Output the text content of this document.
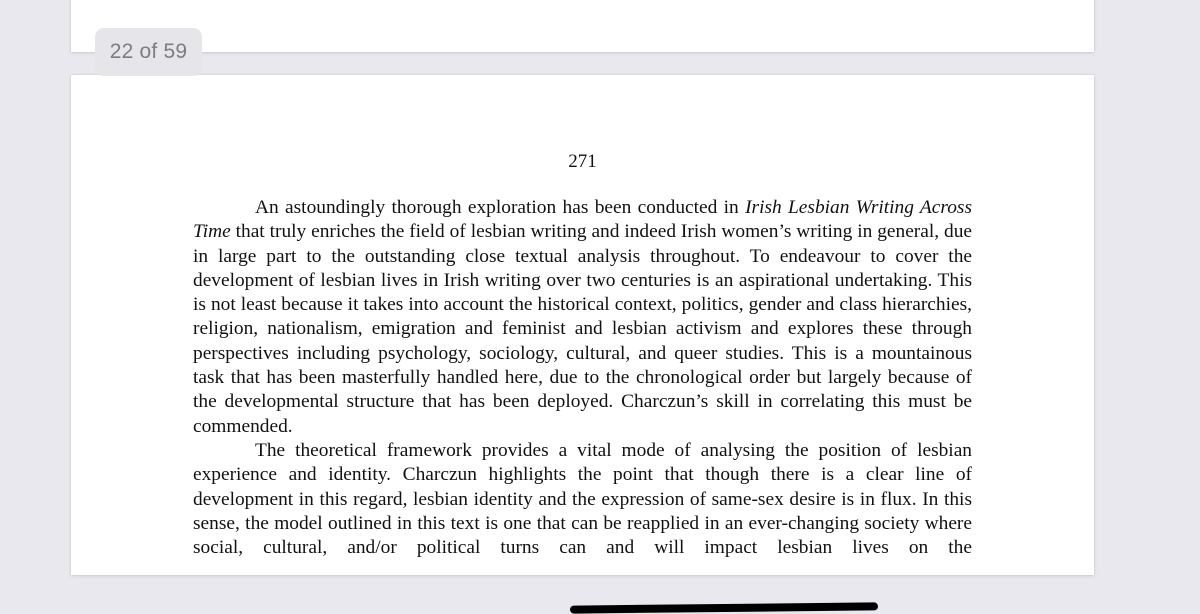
271

An astoundingly thorough exploration has been conducted in Irish Lesbian Writing Across Time that truly enriches the field of lesbian writing and indeed Irish women’s writing in general, due in large part to the outstanding close textual analysis throughout. To endeavour to cover the development of lesbian lives in Irish writing over two centuries is an aspirational undertaking. This is not least because it takes into account the historical context, politics, gender and class hierarchies, religion, nationalism, emigration and feminist and lesbian activism and explores these through perspectives including psychology, sociology, cultural, and queer studies. This is a mountainous task that has been masterfully handled here, due to the chronological order but largely because of the developmental structure that has been deployed. Charczun’s skill in correlating this must be commended.

The theoretical framework provides a vital mode of analysing the position of lesbian experience and identity. Charczun highlights the point that though there is a clear line of development in this regard, lesbian identity and the expression of same-sex desire is in flux. In this sense, the model outlined in this text is one that can be reapplied in an ever-changing society where social, cultural, and/or political turns can and will impact lesbian lives on the

22 of 59
